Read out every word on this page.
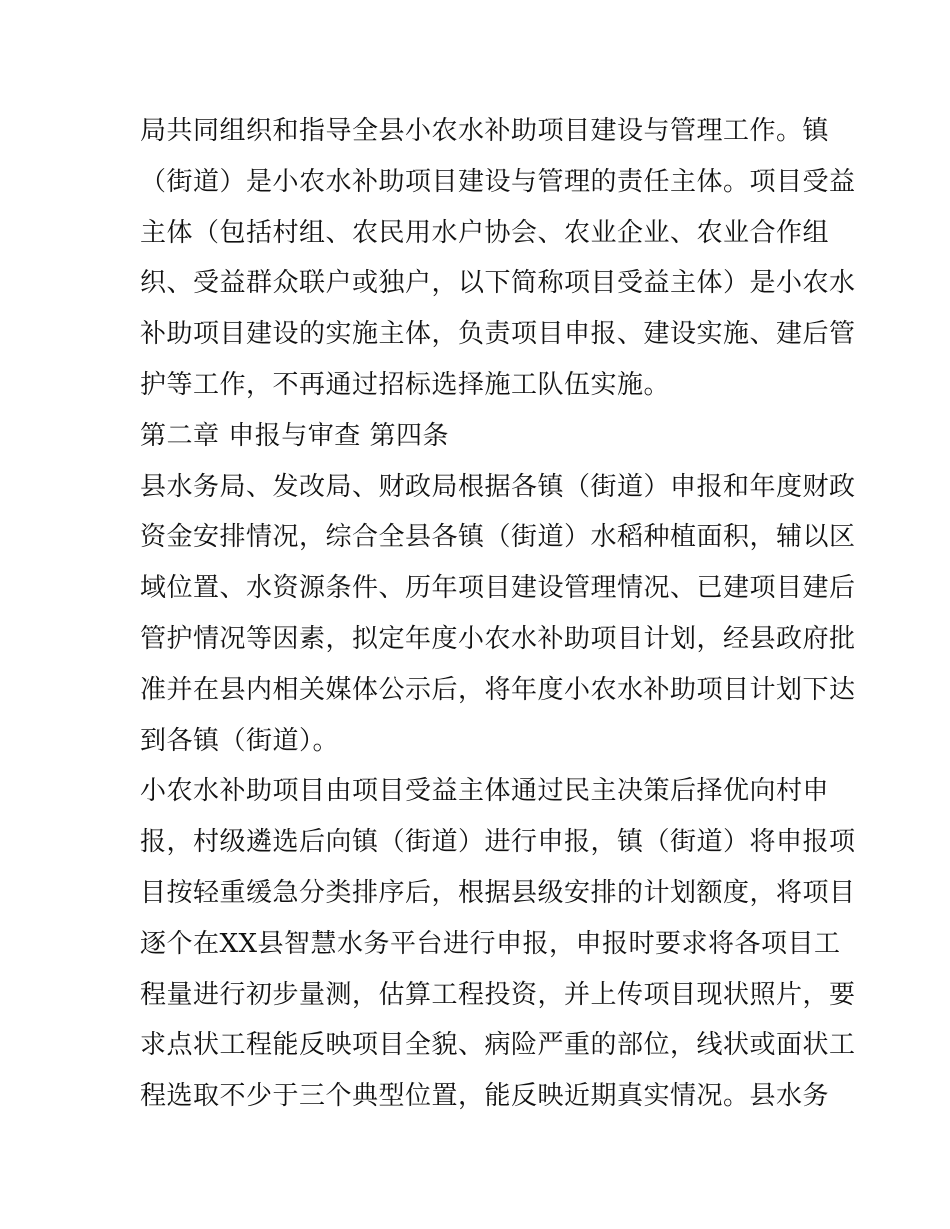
局共同组织和指导全县小农水补助项目建设与管理工作。镇
（街道）是小农水补助项目建设与管理的责任主体。项目受益
主体（包括村组、农民用水户协会、农业企业、农业合作组
织、受益群众联户或独户，以下简称项目受益主体）是小农水
补助项目建设的实施主体，负责项目申报、建设实施、建后管
护等工作，不再通过招标选择施工队伍实施。
第二章 申报与审查 第四条
县水务局、发改局、财政局根据各镇（街道）申报和年度财政
资金安排情况，综合全县各镇（街道）水稻种植面积，辅以区
域位置、水资源条件、历年项目建设管理情况、已建项目建后
管护情况等因素，拟定年度小农水补助项目计划，经县政府批
准并在县内相关媒体公示后，将年度小农水补助项目计划下达
到各镇（街道）。
小农水补助项目由项目受益主体通过民主决策后择优向村申
报，村级遴选后向镇（街道）进行申报，镇（街道）将申报项
目按轻重缓急分类排序后，根据县级安排的计划额度，将项目
逐个在XX县智慧水务平台进行申报，申报时要求将各项目工
程量进行初步量测，估算工程投资，并上传项目现状照片，要
求点状工程能反映项目全貌、病险严重的部位，线状或面状工
程选取不少于三个典型位置，能反映近期真实情况。县水务
